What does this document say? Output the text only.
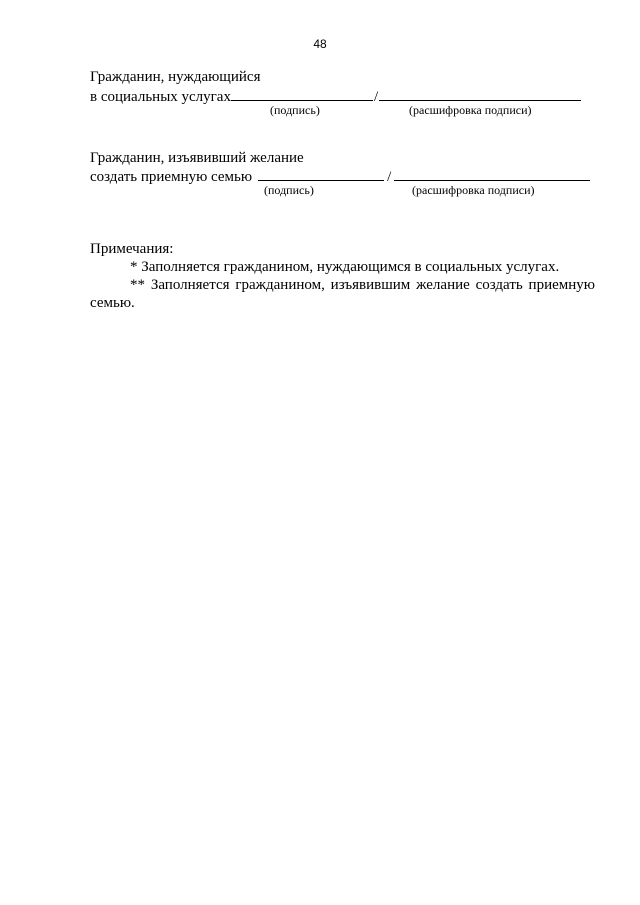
48
Гражданин, нуждающийся
в социальных услугах	/
(подпись)	(расшифровка подписи)
Гражданин, изъявивший желание
создать приемную семью	/
(подпись)	(расшифровка подписи)
Примечания:
* Заполняется гражданином, нуждающимся в социальных услугах.
** Заполняется гражданином, изъявившим желание создать приемную
семью.
